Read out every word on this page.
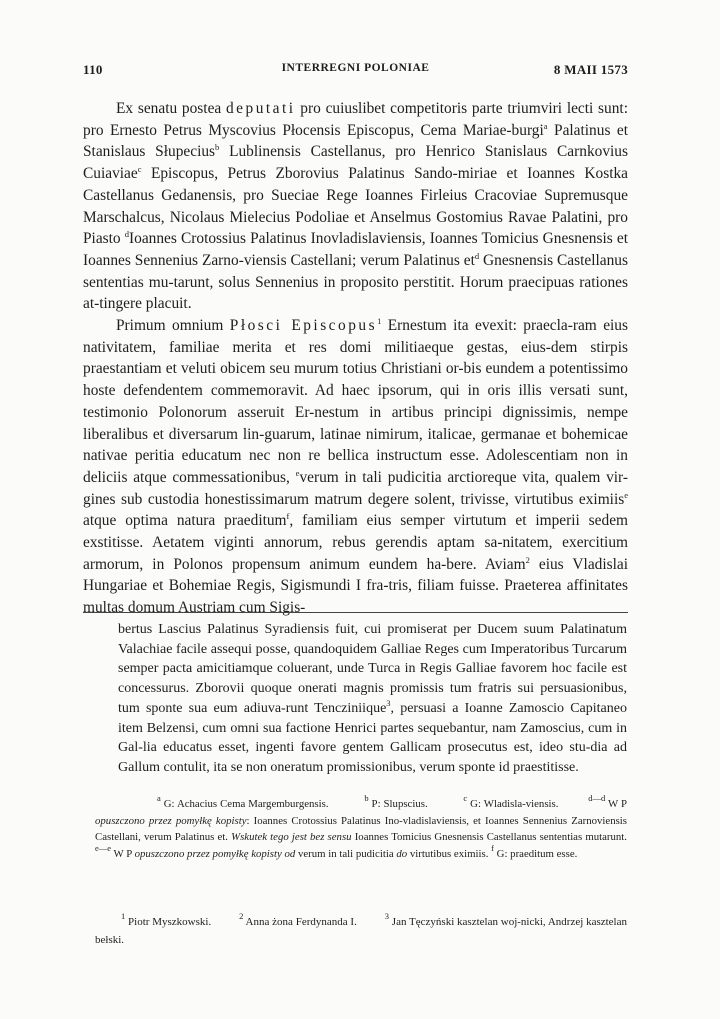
110	INTERREGNI POLONIAE	8 MAII 1573

Ex senatu postea deputati pro cuiuslibet competitoris parte triumviri lecti sunt: pro Ernesto Petrus Myscovius Płocensis Episcopus, Cema Mariae-burgi$^a$ Palatinus et Stanislaus Słupecius$^b$ Lublinensis Castellanus, pro Henrico Stanislaus Carnkovius Cuiaviae$^c$ Episcopus, Petrus Zborovius Palatinus Sando-miriae et Ioannes Kostka Castellanus Gedanensis, pro Sueciae Rege Ioannes Firleius Cracoviae Supremusque Marschalcus, Nicolaus Mielecius Podoliae et Anselmus Gostomius Ravae Palatini, pro Piasto $^d$Ioannes Crotossius Palatinus Inovladislaviensis, Ioannes Tomicius Gnesnensis et Ioannes Sennenius Zarno-viensis Castellani; verum Palatinus $et^d$ Gnesnensis Castellanus sententias mu-tarunt, solus Sennenius in proposito perstitit. Horum praecipuas rationes at-tingere placuit.

Primum omnium Płosci Episcopus$^1$ Ernestum ita evexit: praecla-ram eius nativitatem, familiae merita et res domi militiaeque gestas, eius-dem stirpis praestantiam et veluti obicem seu murum totius Christiani or-bis eundem a potentissimo hoste defendentem commemoravit. Ad haec ipsorum, qui in oris illis versati sunt, testimonio Polonorum asseruit Er-nestum in artibus principi dignissimis, nempe liberalibus et diversarum lin-guarum, latinae nimirum, italicae, germanae et bohemicae nativae peritia educatum nec non re bellica instructum esse. Adolescentiam non in deliciis atque commessationibus, $^e$verum in tali pudicitia arctioreque vita, qualem vir-gines sub custodia honestissimarum matrum degere solent, trivisse, virtutibus eximiis$^e$ atque optima natura praeditum$^f$, familiam eius semper virtutum et imperii sedem exstitisse. Aetatem viginti annorum, rebus gerendis aptam sa-nitatem, exercitium armorum, in Polonos propensum animum eundem ha-bere. Aviam$^2$ eius Vladislai Hungariae et Bohemiae Regis, Sigismundi I fra-tris, filiam fuisse. Praeterea affinitates multas domum Austriam cum Sigis-

bertus Lascius Palatinus Syradiensis fuit, cui promiserat per Ducem suum Palatinatum Valachiae facile assequi posse, quandoquidem Galliae Reges cum Imperatoribus Turcarum semper pacta amicitiamque coluerant, unde Turca in Regis Galliae favorem hoc facile est concessurus. Zborovii quoque onerati magnis promissis tum fratris sui persuasionibus, tum sponte sua eum adiuva-runt Tencziniique$^3$, persuasi a Ioanne Zamoscio Capitaneo item Belzensi, cum omni sua factione Henrici partes sequebantur, nam Zamoscius, cum in Gal-lia educatus esset, ingenti favore gentem Gallicam prosecutus est, ideo stu-dia ad Gallum contulit, ita se non oneratum promissionibus, verum sponte id praestitisse.

$^a$ G: Achacius Cema Margemburgensis.	$^b$ P: Slupscius.	$^c$ G: Wladisla-viensis.	$^{d—d}$ W P opuszczono przez pomyłkę kopisty: Ioannes Crotossius Palatinus Ino-vladislaviensis, et Ioannes Sennenius Zarnoviensis Castellani, verum Palatinus et. Wskutek tego jest bez sensu Ioannes Tomicius Gnesnensis Castellanus sententias mutarunt. $^{e—e}$ W P opuszczono przez pomyłkę kopisty od verum in tali pudicitia do virtutibus eximiis. $^f$ G: praeditum esse.

$^1$ Piotr Myszkowski.	$^2$ Anna żona Ferdynanda I.	$^3$ Jan Tęczyński kasztelan woj-nicki, Andrzej kasztelan bełski.
